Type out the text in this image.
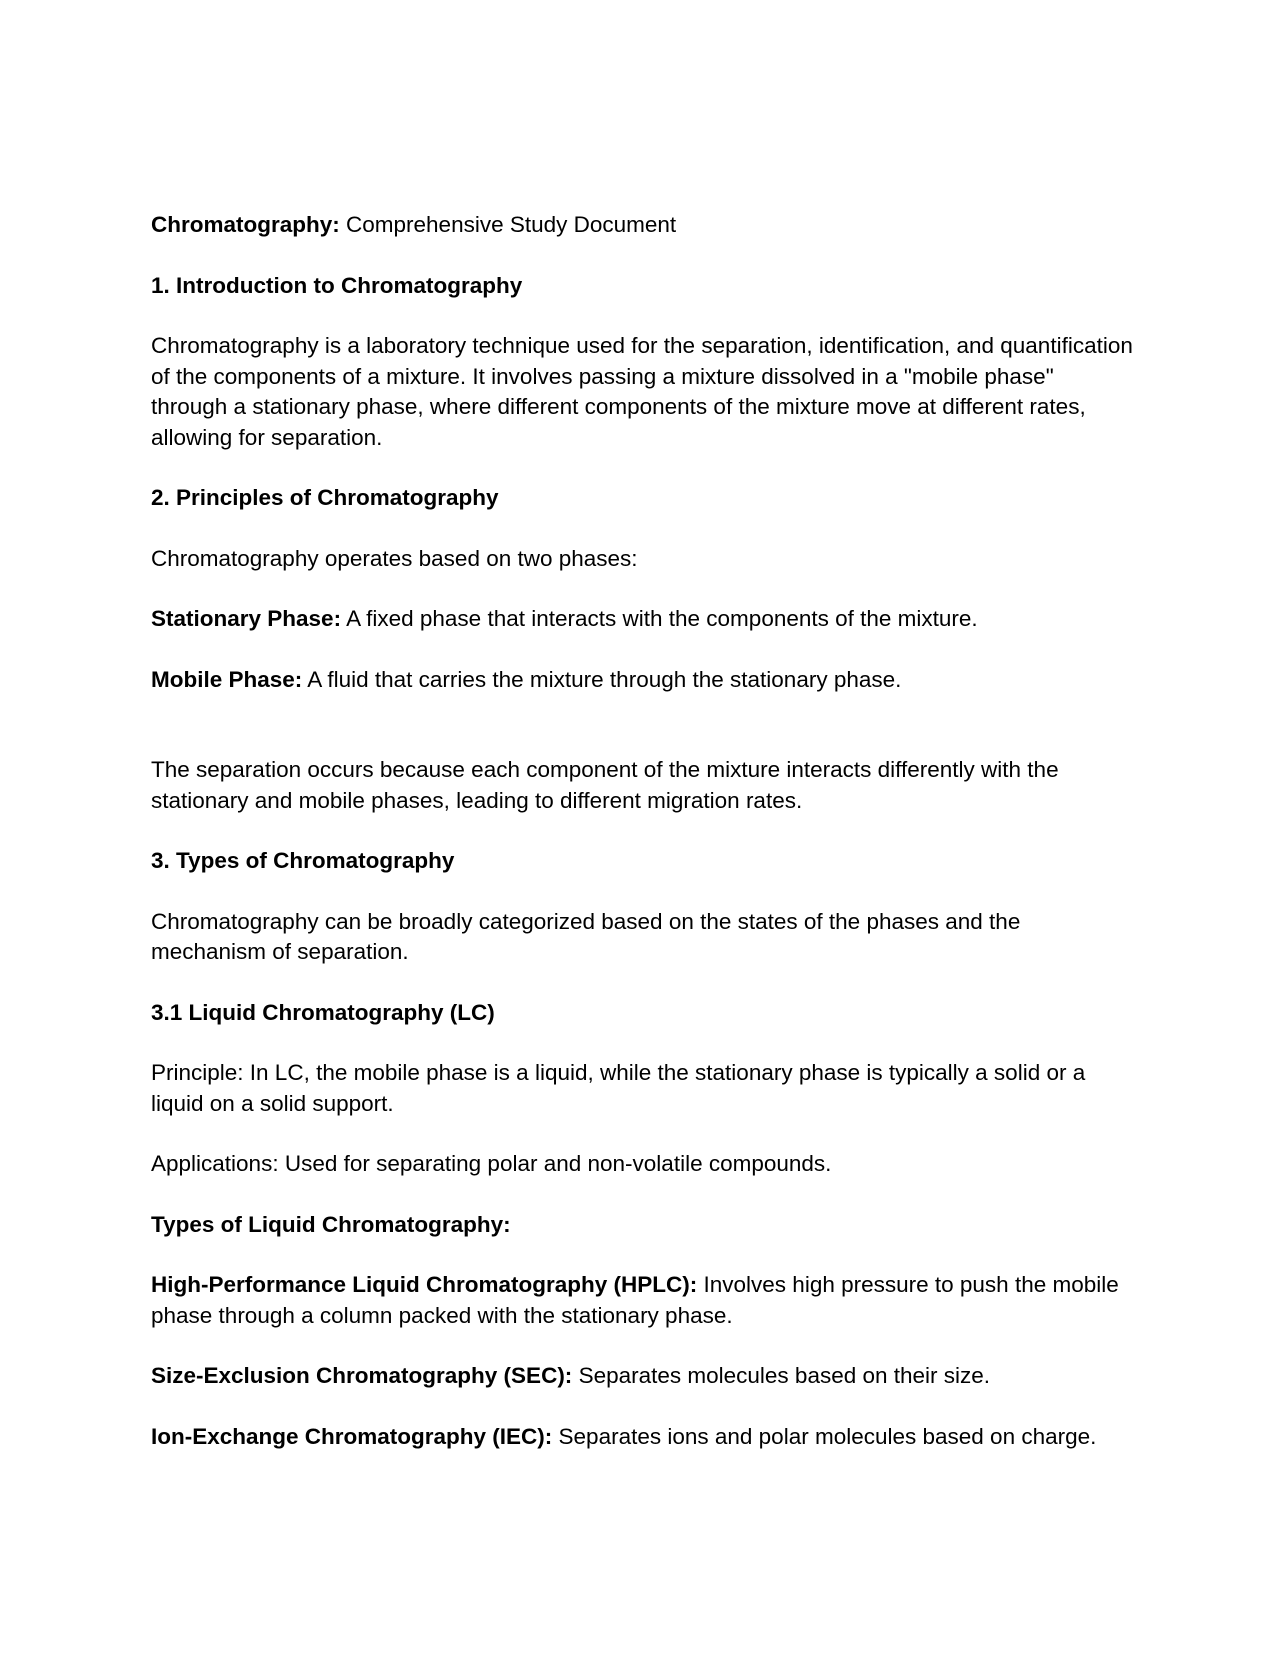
Chromatography: Comprehensive Study Document

1. Introduction to Chromatography

Chromatography is a laboratory technique used for the separation, identification, and quantification of the components of a mixture. It involves passing a mixture dissolved in a "mobile phase" through a stationary phase, where different components of the mixture move at different rates, allowing for separation.

2. Principles of Chromatography

Chromatography operates based on two phases:

Stationary Phase: A fixed phase that interacts with the components of the mixture.

Mobile Phase: A fluid that carries the mixture through the stationary phase.

The separation occurs because each component of the mixture interacts differently with the stationary and mobile phases, leading to different migration rates.

3. Types of Chromatography

Chromatography can be broadly categorized based on the states of the phases and the mechanism of separation.

3.1 Liquid Chromatography (LC)

Principle: In LC, the mobile phase is a liquid, while the stationary phase is typically a solid or a liquid on a solid support.

Applications: Used for separating polar and non-volatile compounds.

Types of Liquid Chromatography:

High-Performance Liquid Chromatography (HPLC): Involves high pressure to push the mobile phase through a column packed with the stationary phase.

Size-Exclusion Chromatography (SEC): Separates molecules based on their size.

Ion-Exchange Chromatography (IEC): Separates ions and polar molecules based on charge.
